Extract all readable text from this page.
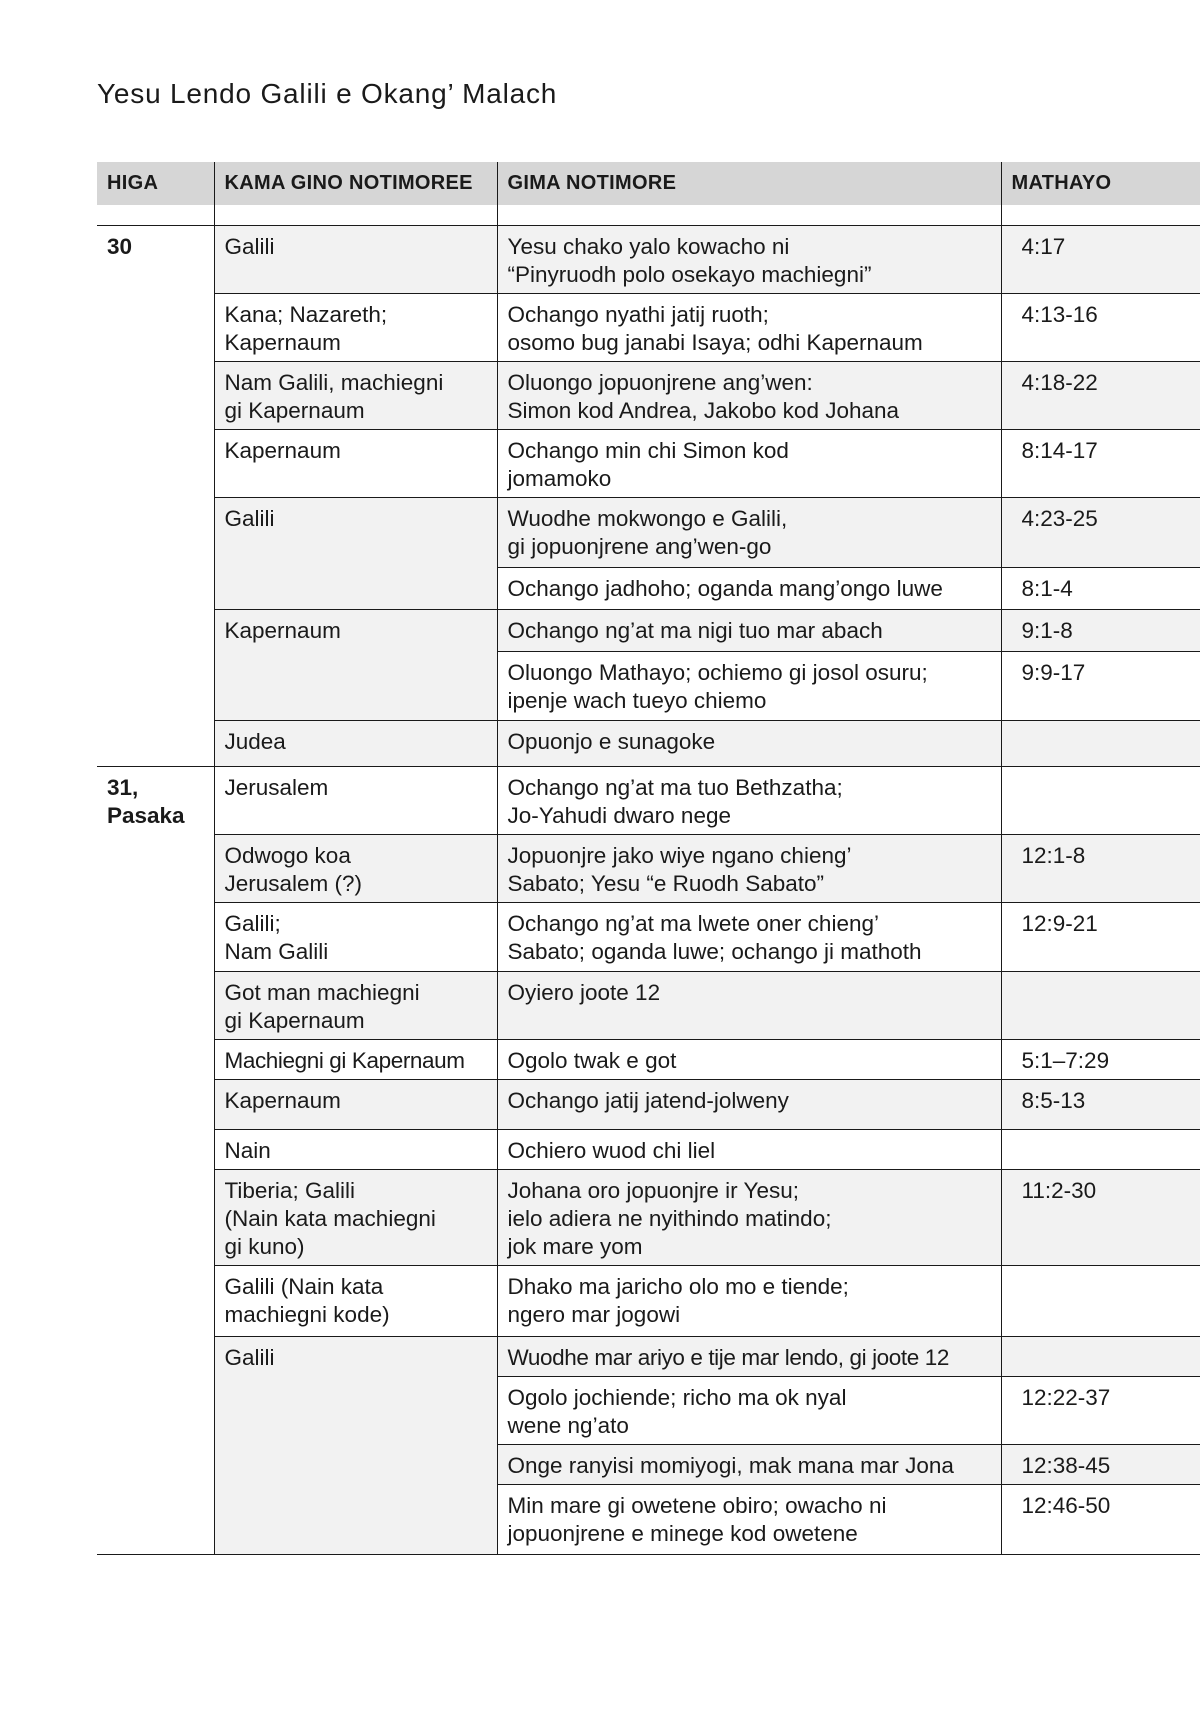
Yesu Lendo Galili e Okang’ Malach
HIGA	KAMA GINO NOTIMOREE	GIMA NOTIMORE	MATHAYO

30	Galili	Yesu chako yalo kowacho ni
“Pinyruodh polo osekayo machiegni”	4:17

	Kana; Nazareth;
Kapernaum	Ochango nyathi jatij ruoth;
osomo bug janabi Isaya; odhi Kapernaum	4:13-16

	Nam Galili, machiegni
gi Kapernaum	Oluongo jopuonjrene ang’wen:
Simon kod Andrea, Jakobo kod Johana	4:18-22

	Kapernaum	Ochango min chi Simon kod
jomamoko	8:14-17

	Galili	Wuodhe mokwongo e Galili,
gi jopuonjrene ang’wen-go	4:23-25

		Ochango jadhoho; oganda mang’ongo luwe	8:1-4

	Kapernaum	Ochango ng’at ma nigi tuo mar abach	9:1-8

		Oluongo Mathayo; ochiemo gi josol osuru;
ipenje wach tueyo chiemo	9:9-17

	Judea	Opuonjo e sunagoke	

31,
Pasaka	Jerusalem	Ochango ng’at ma tuo Bethzatha;
Jo-Yahudi dwaro nege	

	Odwogo koa
Jerusalem (?)	Jopuonjre jako wiye ngano chieng’
Sabato; Yesu “e Ruodh Sabato”	12:1-8

	Galili;
Nam Galili	Ochango ng’at ma lwete oner chieng’
Sabato; oganda luwe; ochango ji mathoth	12:9-21

	Got man machiegni
gi Kapernaum	Oyiero joote 12	

	Machiegni gi Kapernaum	Ogolo twak e got	5:1–7:29

	Kapernaum	Ochango jatij jatend-jolweny	8:5-13

	Nain	Ochiero wuod chi liel	

	Tiberia; Galili
(Nain kata machiegni
gi kuno)	Johana oro jopuonjre ir Yesu;
ielo adiera ne nyithindo matindo;
jok mare yom	11:2-30

	Galili (Nain kata
machiegni kode)	Dhako ma jaricho olo mo e tiende;
ngero mar jogowi	

	Galili	Wuodhe mar ariyo e tije mar lendo, gi joote 12	

		Ogolo jochiende; richo ma ok nyal
wene ng’ato	12:22-37

		Onge ranyisi momiyogi, mak mana mar Jona	12:38-45

		Min mare gi owetene obiro; owacho ni
jopuonjrene e minege kod owetene	12:46-50
